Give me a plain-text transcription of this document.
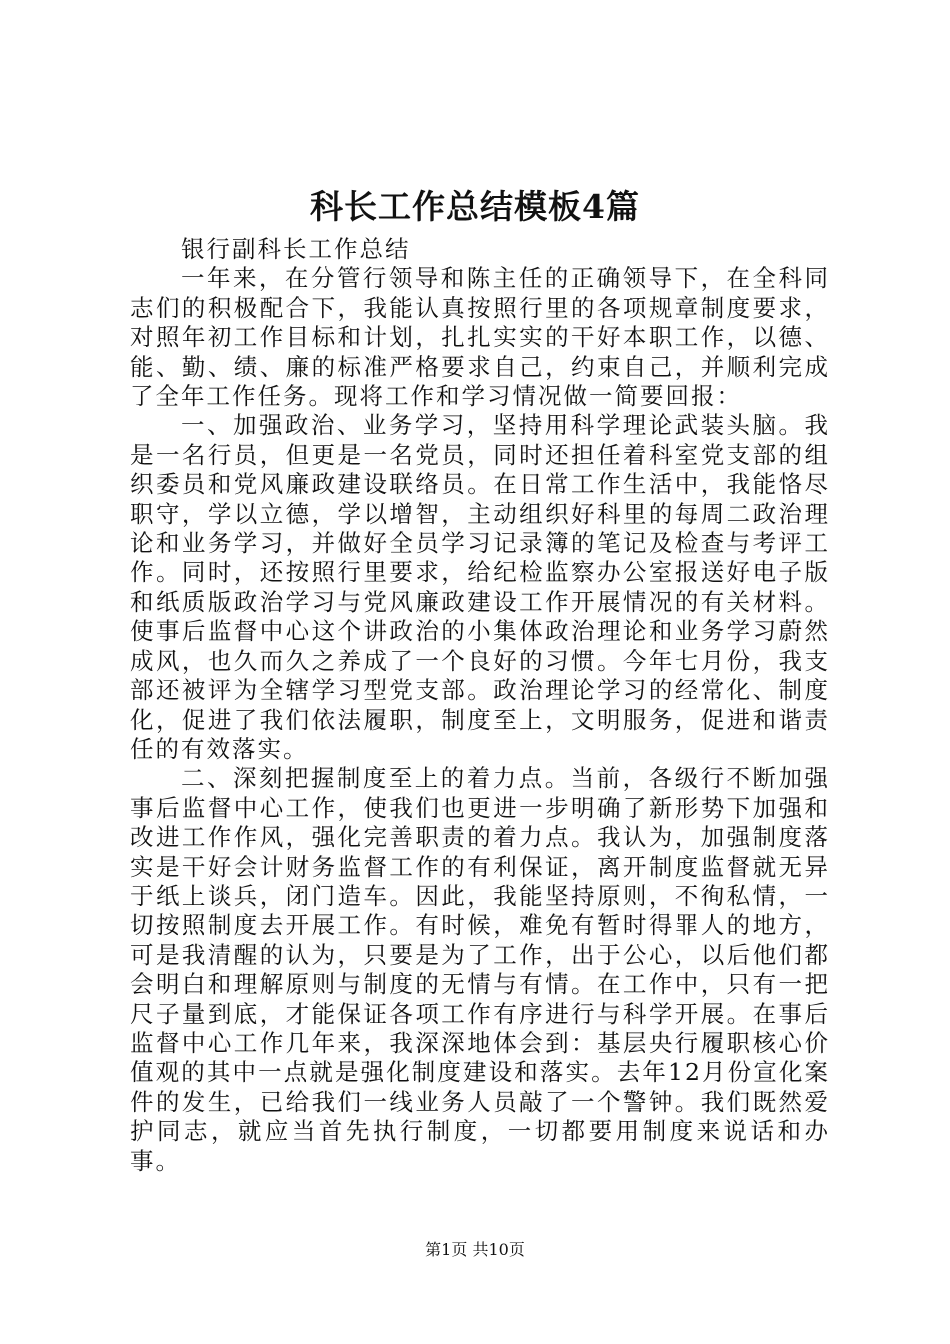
科长工作总结模板4篇

银行副科长工作总结

一年来，在分管行领导和陈主任的正确领导下，在全科同志们的积极配合下，我能认真按照行里的各项规章制度要求，对照年初工作目标和计划，扎扎实实的干好本职工作，以德、能、勤、绩、廉的标准严格要求自己，约束自己，并顺利完成了全年工作任务。现将工作和学习情况做一简要回报：

一、加强政治、业务学习，坚持用科学理论武装头脑。我是一名行员，但更是一名党员，同时还担任着科室党支部的组织委员和党风廉政建设联络员。在日常工作生活中，我能恪尽职守，学以立德，学以增智，主动组织好科里的每周二政治理论和业务学习，并做好全员学习记录簿的笔记及检查与考评工作。同时，还按照行里要求，给纪检监察办公室报送好电子版和纸质版政治学习与党风廉政建设工作开展情况的有关材料。使事后监督中心这个讲政治的小集体政治理论和业务学习蔚然成风，也久而久之养成了一个良好的习惯。今年七月份，我支部还被评为全辖学习型党支部。政治理论学习的经常化、制度化，促进了我们依法履职，制度至上，文明服务，促进和谐责任的有效落实。

二、深刻把握制度至上的着力点。当前，各级行不断加强事后监督中心工作，使我们也更进一步明确了新形势下加强和改进工作作风，强化完善职责的着力点。我认为，加强制度落实是干好会计财务监督工作的有利保证，离开制度监督就无异于纸上谈兵，闭门造车。因此，我能坚持原则，不徇私情，一切按照制度去开展工作。有时候，难免有暂时得罪人的地方，可是我清醒的认为，只要是为了工作，出于公心，以后他们都会明白和理解原则与制度的无情与有情。在工作中，只有一把尺子量到底，才能保证各项工作有序进行与科学开展。在事后监督中心工作几年来，我深深地体会到：基层央行履职核心价值观的其中一点就是强化制度建设和落实。去年12月份宣化案件的发生，已给我们一线业务人员敲了一个警钟。我们既然爱护同志，就应当首先执行制度，一切都要用制度来说话和办事。

第1页 共10页
